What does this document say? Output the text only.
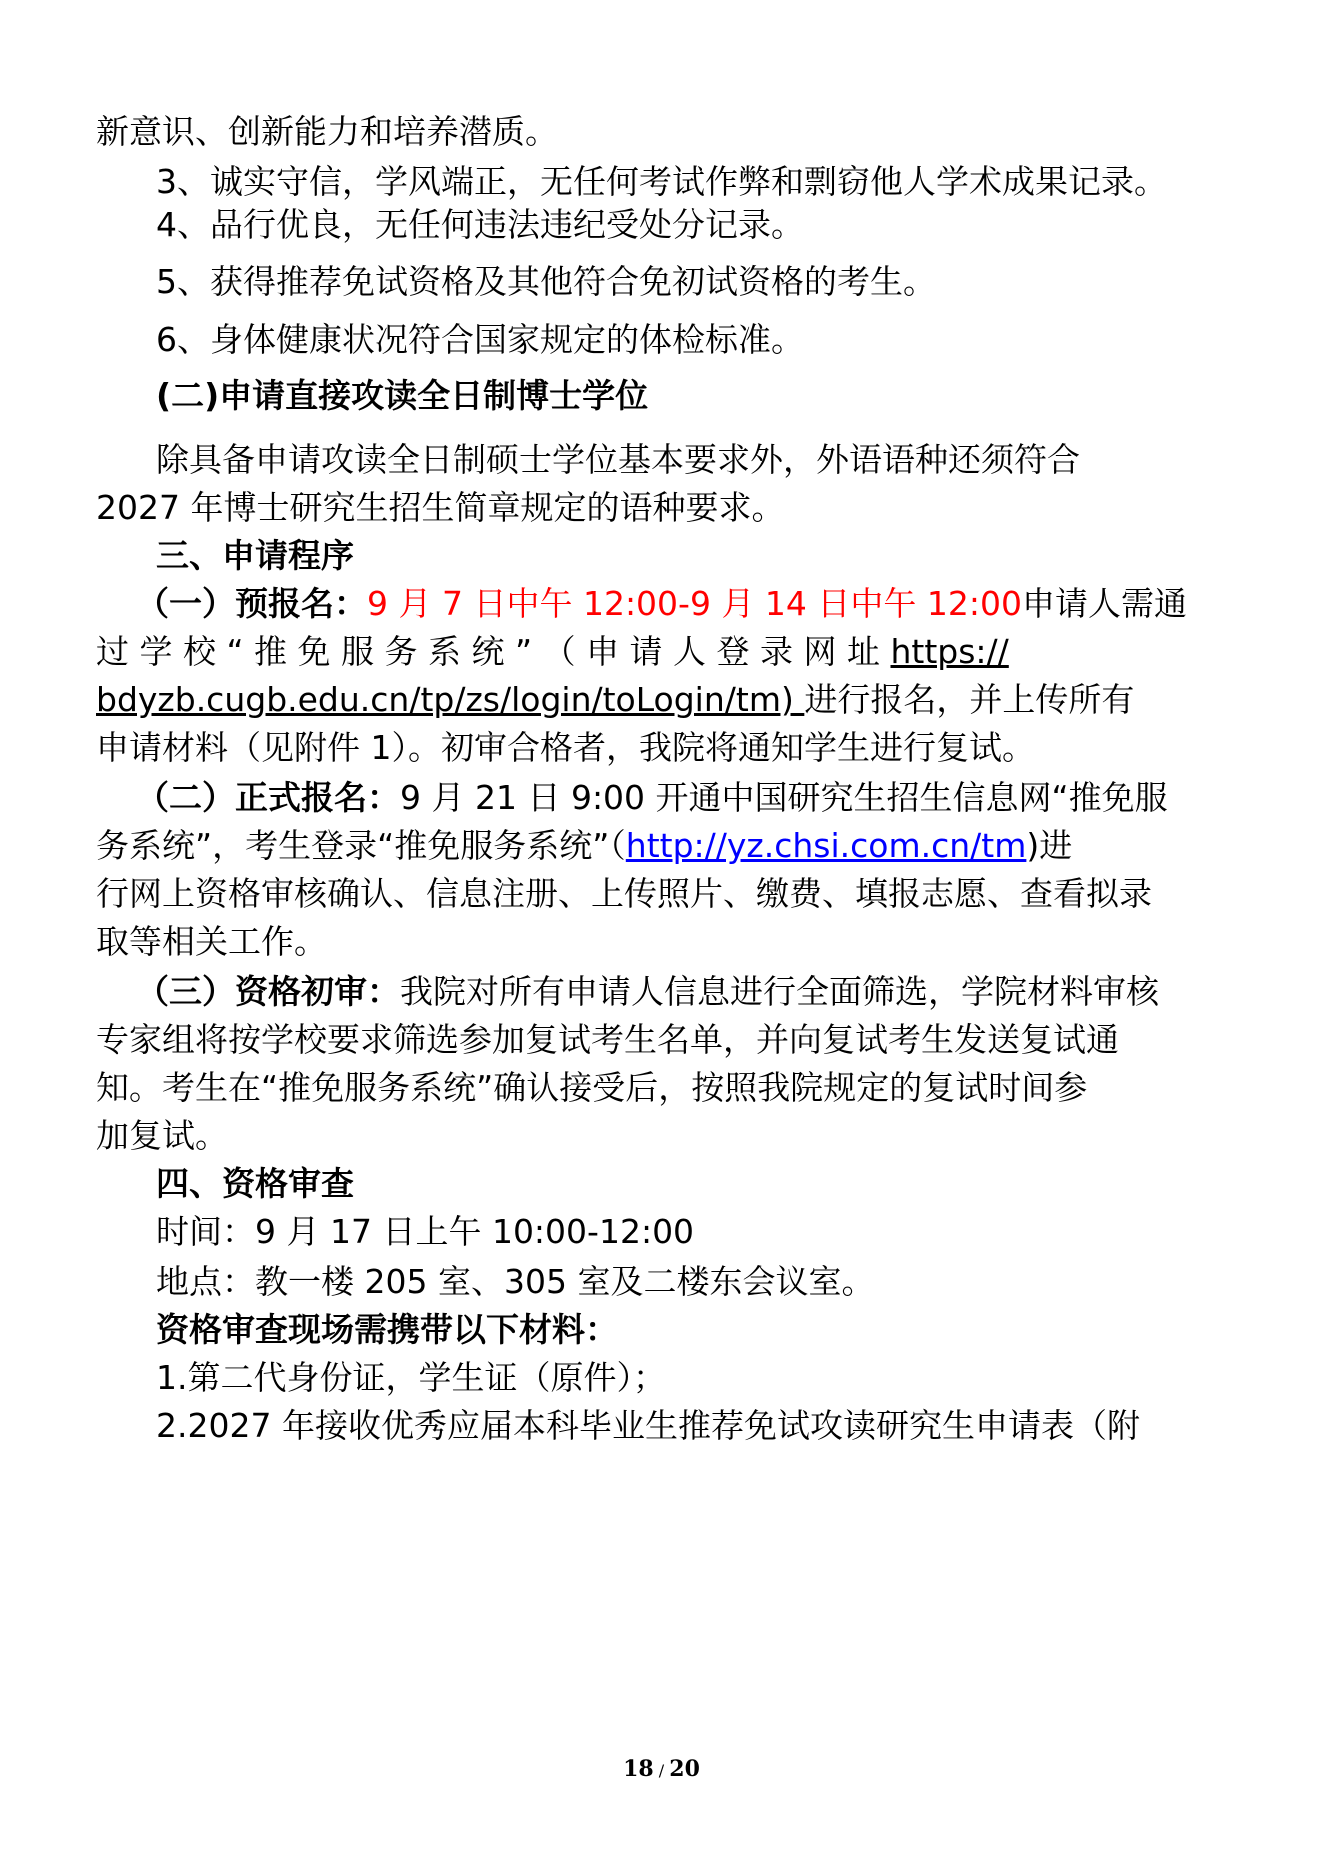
新意识、创新能力和培养潜质。
3、诚实守信，学风端正，无任何考试作弊和剽窃他人学术成果记录。
4、品行优良，无任何违法违纪受处分记录。
5、获得推荐免试资格及其他符合免初试资格的考生。
6、身体健康状况符合国家规定的体检标准。
(二)申请直接攻读全日制博士学位
除具备申请攻读全日制硕士学位基本要求外，外语语种还须符合
2027 年博士研究生招生简章规定的语种要求。
三、申请程序
（一）预报名：9 月 7 日中午 12:00-9 月 14 日中午 12:00申请人需通
过 学 校 “ 推 免 服 务 系 统 ” （ 申 请 人 登 录 网 址 https://
bdyzb.cugb.edu.cn/tp/zs/login/toLogin/tm) 进行报名，并上传所有
申请材料（见附件 1）。初审合格者，我院将通知学生进行复试。
（二）正式报名：9 月 21 日 9:00 开通中国研究生招生信息网“推免服
务系统”，考生登录“推免服务系统”（http://yz.chsi.com.cn/tm)进
行网上资格审核确认、信息注册、上传照片、缴费、填报志愿、查看拟录
取等相关工作。
（三）资格初审：我院对所有申请人信息进行全面筛选，学院材料审核
专家组将按学校要求筛选参加复试考生名单，并向复试考生发送复试通
知。考生在“推免服务系统”确认接受后，按照我院规定的复试时间参
加复试。
四、资格审查
时间：9 月 17 日上午 10:00-12:00
地点：教一楼 205 室、305 室及二楼东会议室。
资格审查现场需携带以下材料：
1.第二代身份证，学生证（原件）；
2.2027 年接收优秀应届本科毕业生推荐免试攻读研究生申请表（附
18 / 20
